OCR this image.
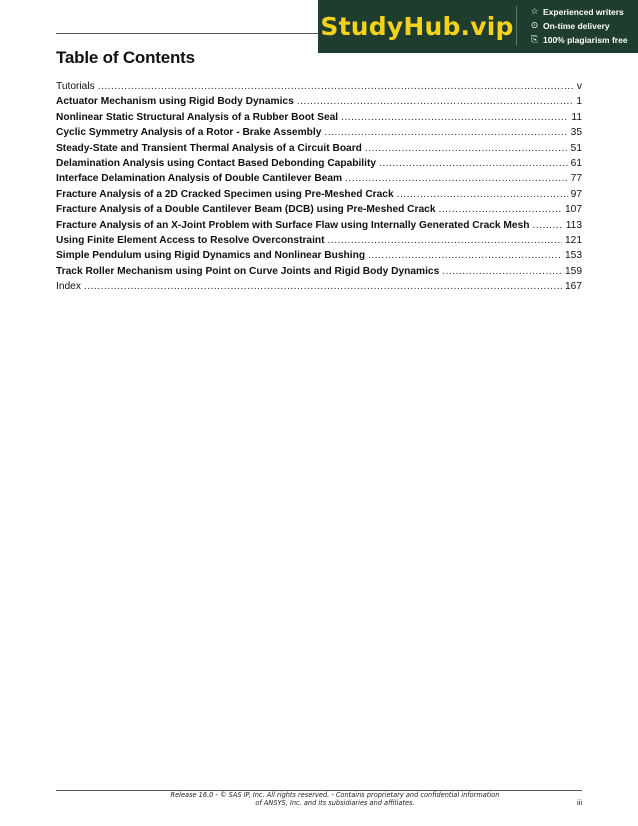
StudyHub.vip
☆ Experienced writers
⊙ On-time delivery
⎘ 100% plagiarism free
Table of Contents
Tutorials .....	v
Actuator Mechanism using Rigid Body Dynamics .....	1
Nonlinear Static Structural Analysis of a Rubber Boot Seal .....	11
Cyclic Symmetry Analysis of a Rotor - Brake Assembly .....	35
Steady-State and Transient Thermal Analysis of a Circuit Board .....	51
Delamination Analysis using Contact Based Debonding Capability .....	61
Interface Delamination Analysis of Double Cantilever Beam .....	77
Fracture Analysis of a 2D Cracked Specimen using Pre-Meshed Crack .....	97
Fracture Analysis of a Double Cantilever Beam (DCB) using Pre-Meshed Crack .....	107
Fracture Analysis of an X-Joint Problem with Surface Flaw using Internally Generated Crack Mesh .....	113
Using Finite Element Access to Resolve Overconstraint .....	121
Simple Pendulum using Rigid Dynamics and Nonlinear Bushing .....	153
Track Roller Mechanism using Point on Curve Joints and Rigid Body Dynamics .....	159
Index .....	167
Release 16.0 - © SAS IP, Inc. All rights reserved. - Contains proprietary and confidential information
of ANSYS, Inc. and its subsidiaries and affiliates.	iii
